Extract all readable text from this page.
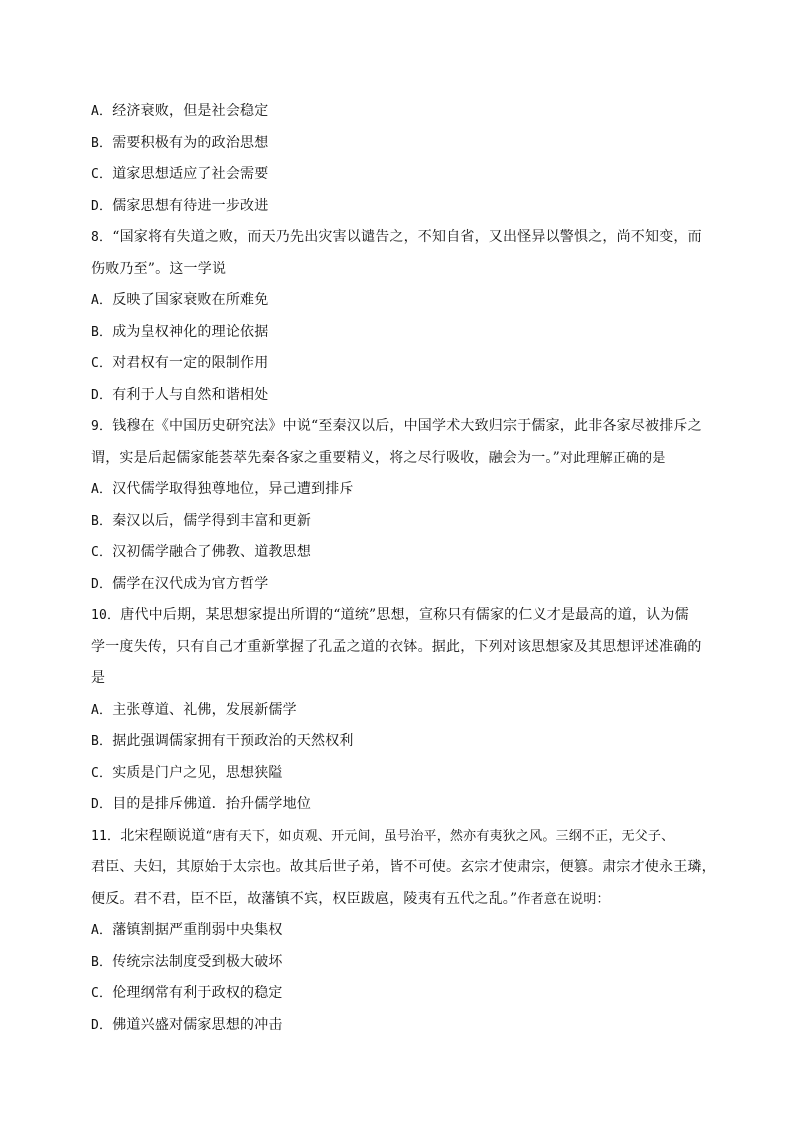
A．经济衰败，但是社会稳定
B．需要积极有为的政治思想
C．道家思想适应了社会需要
D．儒家思想有待进一步改进
8．“国家将有失道之败，而天乃先出灾害以谴告之，不知自省，又出怪异以警惧之，尚不知变，而
伤败乃至”。这一学说
A．反映了国家衰败在所难免
B．成为皇权神化的理论依据
C．对君权有一定的限制作用
D．有利于人与自然和谐相处
9．钱穆在《中国历史研究法》中说“至秦汉以后，中国学术大致归宗于儒家，此非各家尽被排斥之
谓，实是后起儒家能荟萃先秦各家之重要精义，将之尽行吸收，融会为一。”对此理解正确的是
A．汉代儒学取得独尊地位，异己遭到排斥
B．秦汉以后，儒学得到丰富和更新
C．汉初儒学融合了佛教、道教思想
D．儒学在汉代成为官方哲学
10．唐代中后期，某思想家提出所谓的“道统”思想，宣称只有儒家的仁义才是最高的道，认为儒
学一度失传，只有自己才重新掌握了孔孟之道的衣钵。据此，下列对该思想家及其思想评述准确的
是
A．主张尊道、礼佛，发展新儒学
B．据此强调儒家拥有干预政治的天然权利
C．实质是门户之见，思想狭隘
D．目的是排斥佛道．抬升儒学地位
11．北宋程颐说道“唐有天下，如贞观、开元间，虽号治平，然亦有夷狄之风。三纲不正，无父子、
君臣、夫妇，其原始于太宗也。故其后世子弟，皆不可使。玄宗才使肃宗，便篡。肃宗才使永王璘，
便反。君不君，臣不臣，故藩镇不宾，权臣跋扈，陵夷有五代之乱。”作者意在说明：
A．藩镇割据严重削弱中央集权
B．传统宗法制度受到极大破坏
C．伦理纲常有利于政权的稳定
D．佛道兴盛对儒家思想的冲击
